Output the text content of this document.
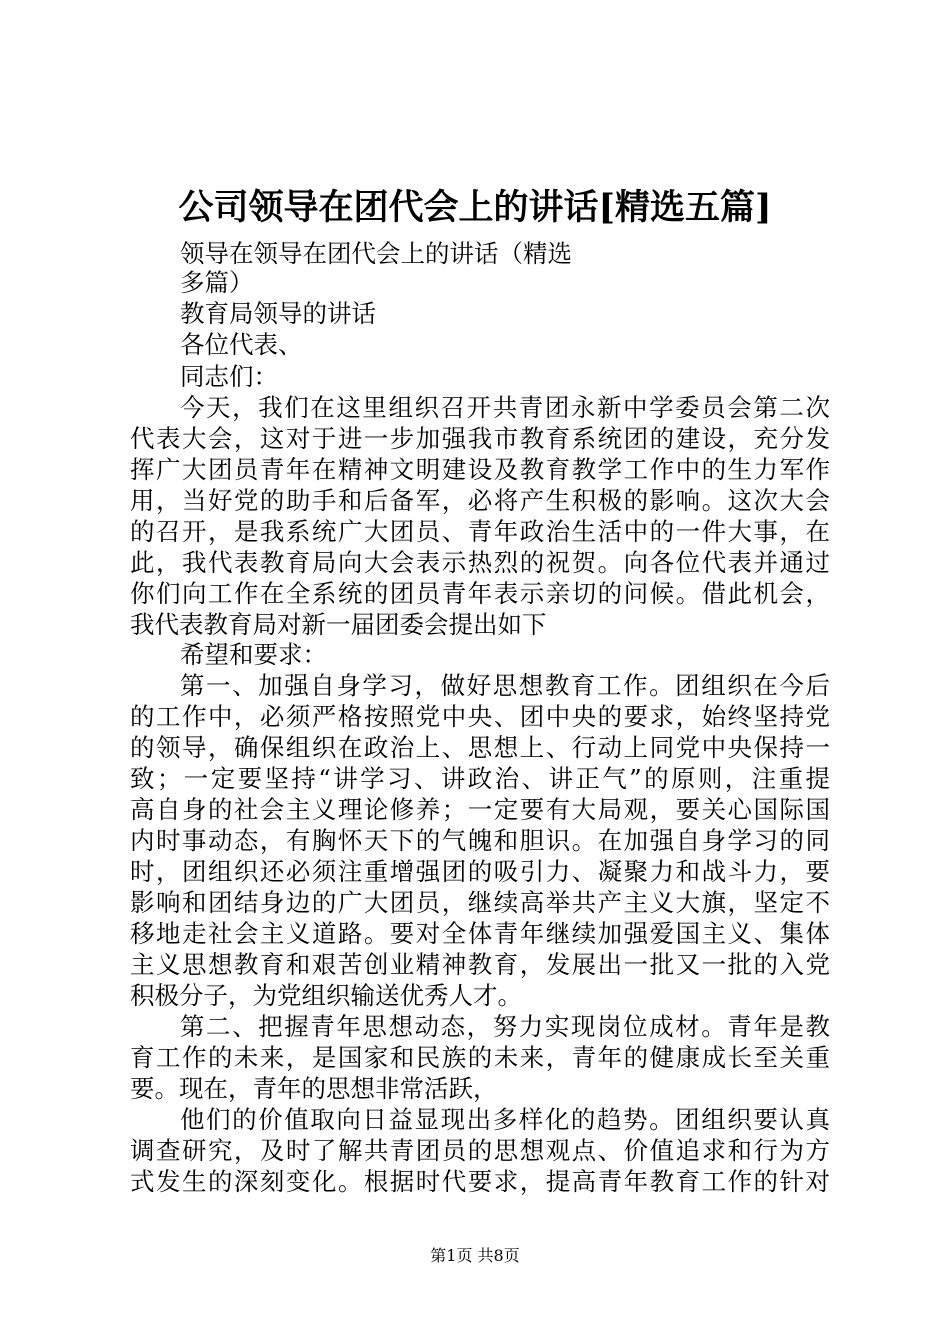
公司领导在团代会上的讲话[精选五篇]
领导在领导在团代会上的讲话（精选
多篇）
教育局领导的讲话
各位代表、
同志们：
今天，我们在这里组织召开共青团永新中学委员会第二次
代表大会，这对于进一步加强我市教育系统团的建设，充分发
挥广大团员青年在精神文明建设及教育教学工作中的生力军作
用，当好党的助手和后备军，必将产生积极的影响。这次大会
的召开，是我系统广大团员、青年政治生活中的一件大事，在
此，我代表教育局向大会表示热烈的祝贺。向各位代表并通过
你们向工作在全系统的团员青年表示亲切的问候。借此机会，
我代表教育局对新一届团委会提出如下
希望和要求：
第一、加强自身学习，做好思想教育工作。团组织在今后
的工作中，必须严格按照党中央、团中央的要求，始终坚持党
的领导，确保组织在政治上、思想上、行动上同党中央保持一
致；一定要坚持“讲学习、讲政治、讲正气”的原则，注重提
高自身的社会主义理论修养；一定要有大局观，要关心国际国
内时事动态，有胸怀天下的气魄和胆识。在加强自身学习的同
时，团组织还必须注重增强团的吸引力、凝聚力和战斗力，要
影响和团结身边的广大团员，继续高举共产主义大旗，坚定不
移地走社会主义道路。要对全体青年继续加强爱国主义、集体
主义思想教育和艰苦创业精神教育，发展出一批又一批的入党
积极分子，为党组织输送优秀人才。
第二、把握青年思想动态，努力实现岗位成材。青年是教
育工作的未来，是国家和民族的未来，青年的健康成长至关重
要。现在，青年的思想非常活跃，
他们的价值取向日益显现出多样化的趋势。团组织要认真
调查研究，及时了解共青团员的思想观点、价值追求和行为方
式发生的深刻变化。根据时代要求，提高青年教育工作的针对
第1页 共8页
